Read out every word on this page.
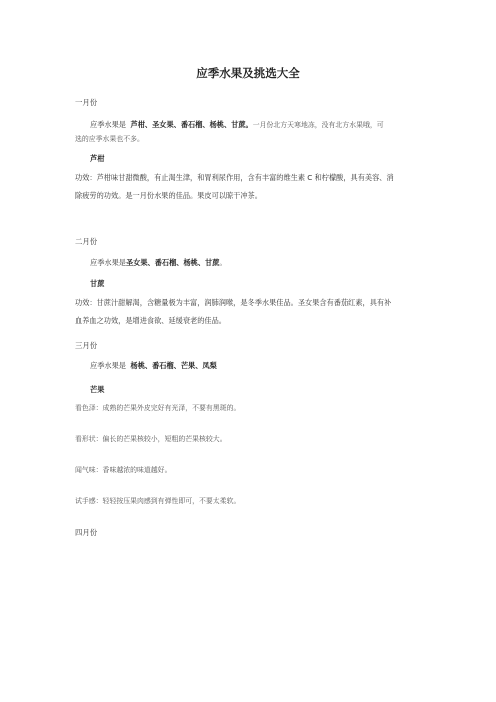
应季水果及挑选大全
一月份
应季水果是 芦柑、圣女果、番石榴、杨桃、甘蔗。一月份北方天寒地冻，没有北方水果哦，可
选的应季水果也不多。
芦柑
功效：芦柑味甘甜微酸，有止渴生津，和胃利尿作用，含有丰富的维生素 C 和柠檬酸，具有美容、消
除疲劳的功效。是一月份水果的佳品。果皮可以晾干冲茶。
二月份
应季水果是圣女果、番石榴、杨桃、甘蔗。
甘蔗
功效：甘蔗汁甜解渴，含糖量极为丰富，润肺润喉，是冬季水果佳品。圣女果含有番茄红素，具有补
血养血之功效，是增进食欲、延缓衰老的佳品。
三月份
应季水果是 杨桃、番石榴、芒果、凤梨
芒果
看色泽：成熟的芒果外皮完好有光泽，不要有黑斑的。
看形状：偏长的芒果核较小，短粗的芒果核较大。
闻气味：香味越浓的味道越好。
试手感：轻轻按压果肉感到有弹性即可，不要太柔软。
四月份
